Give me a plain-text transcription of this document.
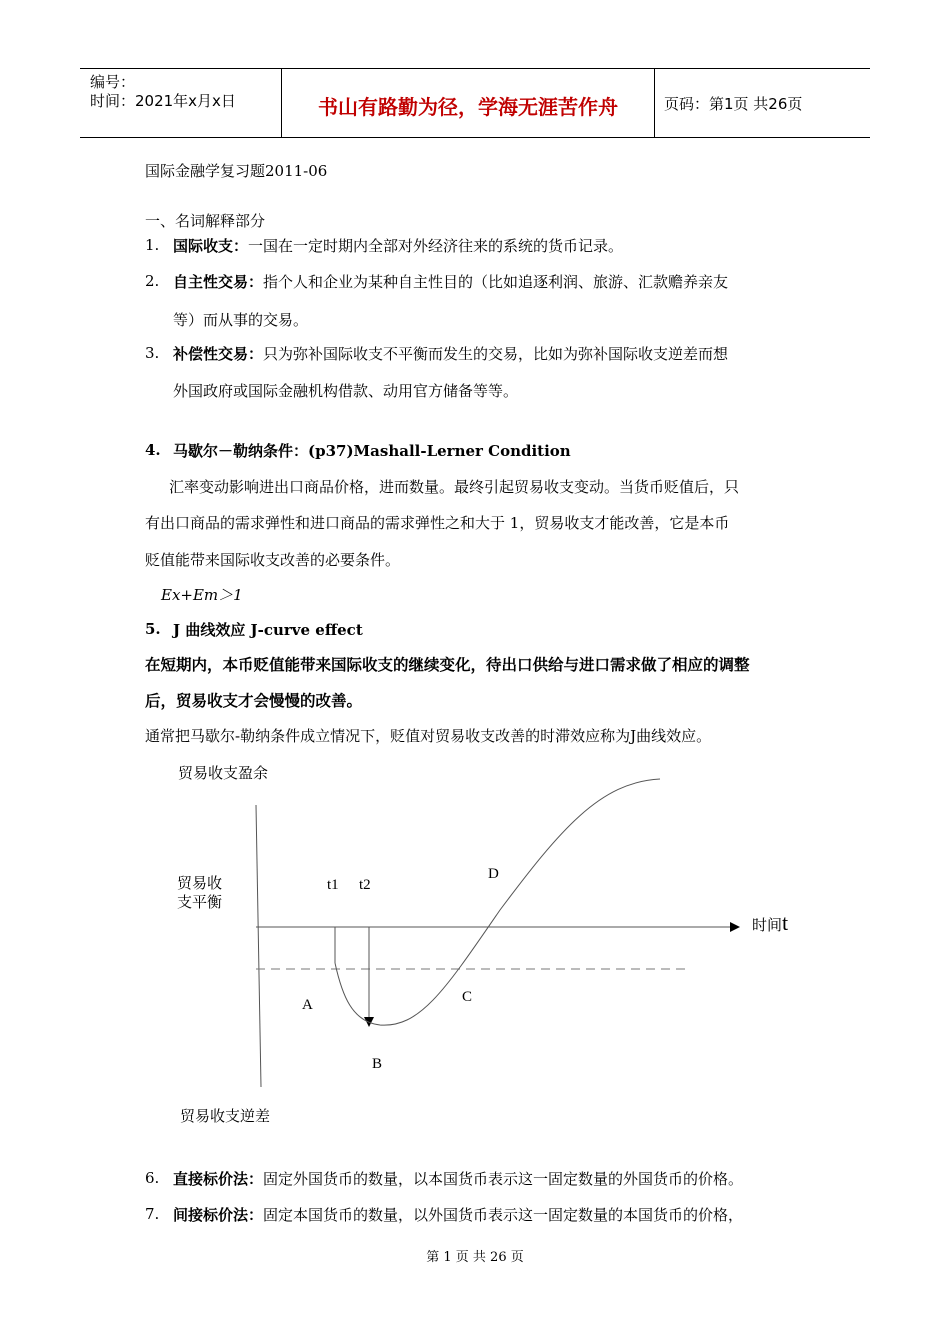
编号：
时间：2021年x月x日	书山有路勤为径，学海无涯苦作舟	页码：第1页 共26页
国际金融学复习题2011-06
一、名词解释部分
1. 国际收支：一国在一定时期内全部对外经济往来的系统的货币记录。
2. 自主性交易：指个人和企业为某种自主性目的（比如追逐利润、旅游、汇款赡养亲友
等）而从事的交易。
3. 补偿性交易：只为弥补国际收支不平衡而发生的交易，比如为弥补国际收支逆差而想
外国政府或国际金融机构借款、动用官方储备等等。
4. 马歇尔－勒纳条件：(p37)Mashall-Lerner Condition
汇率变动影响进出口商品价格，进而数量。最终引起贸易收支变动。当货币贬值后，只
有出口商品的需求弹性和进口商品的需求弹性之和大于 1，贸易收支才能改善，它是本币
贬值能带来国际收支改善的必要条件。
Ex+Em＞1
5. J 曲线效应 J-curve effect
在短期内，本币贬值能带来国际收支的继续变化，待出口供给与进口需求做了相应的调整
后，贸易收支才会慢慢的改善。
通常把马歇尔-勒纳条件成立情况下，贬值对贸易收支改善的时滞效应称为J曲线效应。
贸易收支盈余
贸易收
支平衡
贸易收支逆差
t1 t2
D
时间t
A	C
B
6. 直接标价法：固定外国货币的数量，以本国货币表示这一固定数量的外国货币的价格。
7. 间接标价法：固定本国货币的数量，以外国货币表示这一固定数量的本国货币的价格，
第 1 页 共 26 页
